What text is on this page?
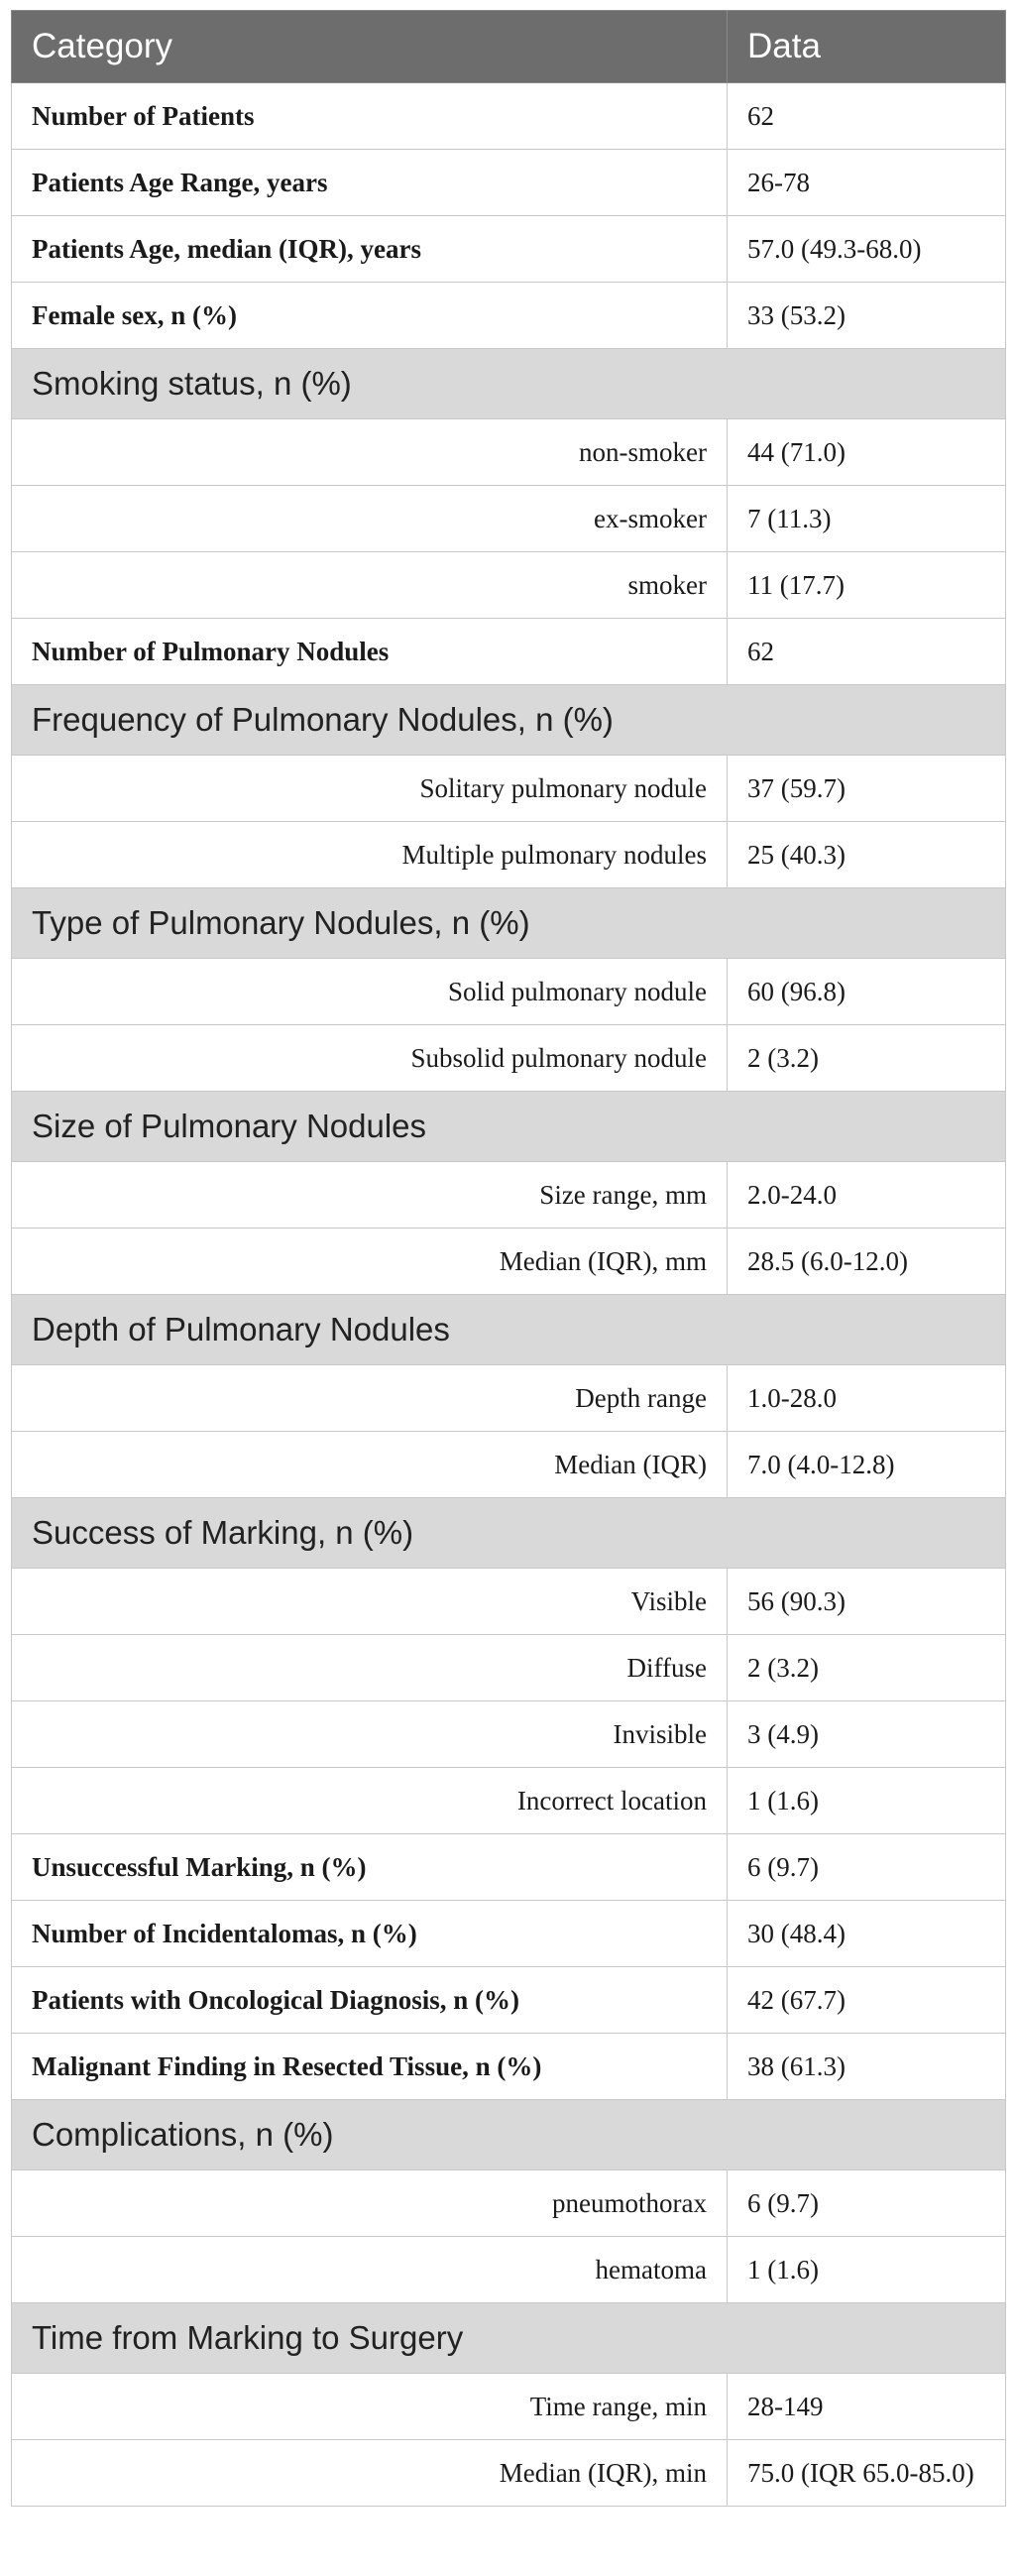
Category	Data
Number of Patients	62
Patients Age Range, years	26-78
Patients Age, median (IQR), years	57.0 (49.3-68.0)
Female sex, n (%)	33 (53.2)
Smoking status, n (%)	
non-smoker	44 (71.0)
ex-smoker	7 (11.3)
smoker	11 (17.7)
Number of Pulmonary Nodules	62
Frequency of Pulmonary Nodules, n (%)	
Solitary pulmonary nodule	37 (59.7)
Multiple pulmonary nodules	25 (40.3)
Type of Pulmonary Nodules, n (%)	
Solid pulmonary nodule	60 (96.8)
Subsolid pulmonary nodule	2 (3.2)
Size of Pulmonary Nodules	
Size range, mm	2.0-24.0
Median (IQR), mm	28.5 (6.0-12.0)
Depth of Pulmonary Nodules	
Depth range	1.0-28.0
Median (IQR)	7.0 (4.0-12.8)
Success of Marking, n (%)	
Visible	56 (90.3)
Diffuse	2 (3.2)
Invisible	3 (4.9)
Incorrect location	1 (1.6)
Unsuccessful Marking, n (%)	6 (9.7)
Number of Incidentalomas, n (%)	30 (48.4)
Patients with Oncological Diagnosis, n (%)	42 (67.7)
Malignant Finding in Resected Tissue, n (%)	38 (61.3)
Complications, n (%)	
pneumothorax	6 (9.7)
hematoma	1 (1.6)
Time from Marking to Surgery	
Time range, min	28-149
Median (IQR), min	75.0 (IQR 65.0-85.0)
